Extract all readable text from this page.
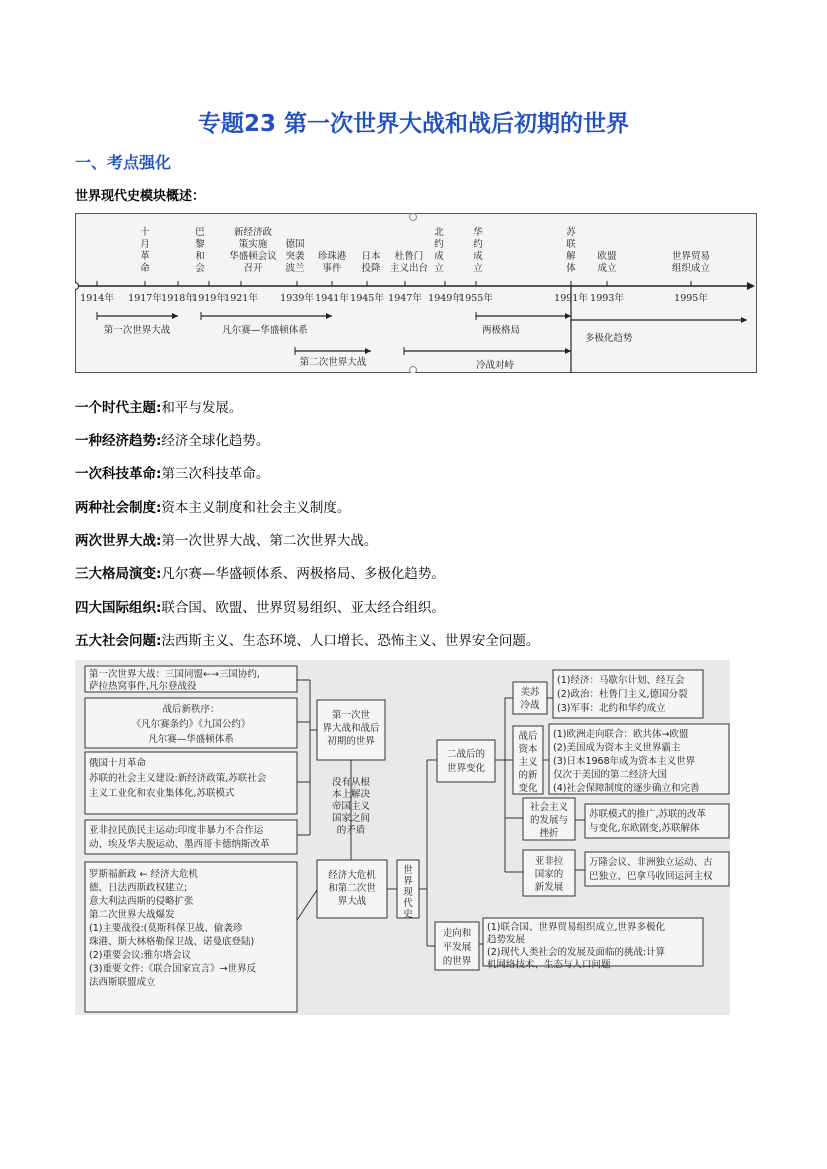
专题23 第一次世界大战和战后初期的世界
一、考点强化
世界现代史模块概述：
1914年 1917年 1918年
1919年
1921年 1939年 1941年 1945年 1947年 1949年
1955年	1991年 1993年	1995年
十
月
革
命
巴
黎
和
会
新经济政
策实施
华盛顿会议
召开
德国
突袭
波兰
珍珠港
事件
日本
投降
杜鲁门
主义出台
北
约
成
立
华
约
成
立
苏
联
解
体
欧盟
成立
世界贸易
组织成立
第一次世界大战	凡尔赛—华盛顿体系
第二次世界大战
两极格局
冷战对峙
多极化趋势
一个时代主题:和平与发展。
一种经济趋势:经济全球化趋势。
一次科技革命:第三次科技革命。
两种社会制度:资本主义制度和社会主义制度。
两次世界大战:第一次世界大战、第二次世界大战。
三大格局演变:凡尔赛—华盛顿体系、两极格局、多极化趋势。
四大国际组织:联合国、欧盟、世界贸易组织、亚太经合组织。
五大社会问题:法西斯主义、生态环境、人口增长、恐怖主义、世界安全问题。
第一次世界大战：三国同盟←→三国协约,
萨拉热窝事件,凡尔登战役
战后新秩序：
《凡尔赛条约》《九国公约》
凡尔赛—华盛顿体系
俄国十月革命
苏联的社会主义建设:新经济政策,苏联社会
主义工业化和农业集体化,苏联模式
亚非拉民族民主运动:印度非暴力不合作运
动、埃及华夫脱运动、墨西哥卡德纳斯改革
罗斯福新政 ← 经济大危机
德、日法西斯政权建立;
意大利法西斯的侵略扩张
第二次世界大战爆发
(1)主要战役:(莫斯科保卫战、偷袭珍
珠港、斯大林格勒保卫战、诺曼底登陆)
(2)重要会议:雅尔塔会议
(3)重要文件:《联合国家宣言》→世界反
法西斯联盟成立
第一次世
界大战和战后
初期的世界
经济大危机
和第二次世
界大战
没有从根
本上解决
帝国主义
国家之间
的矛盾
世
界
现
代
史
二战后的
世界变化
走向和
平发展
的世界
美苏
冷战
(1)经济：马歇尔计划、经互会
(2)政治：杜鲁门主义,德国分裂
(3)军事：北约和华约成立
战后
资本
主义
的新
变化
(1)欧洲走向联合：欧共体→欧盟
(2)美国成为资本主义世界霸主
(3)日本1968年成为资本主义世界
仅次于美国的第二经济大国
(4)社会保障制度的逐步确立和完善
社会主义
的发展与
挫折
苏联模式的推广,苏联的改革
与变化,东欧剧变,苏联解体
亚非拉
国家的
新发展
万隆会议、非洲独立运动、古
巴独立、巴拿马收回运河主权
(1)联合国、世界贸易组织成立,世界多极化
趋势发展
(2)现代人类社会的发展及面临的挑战:计算
机网络技术、生态与人口问题
